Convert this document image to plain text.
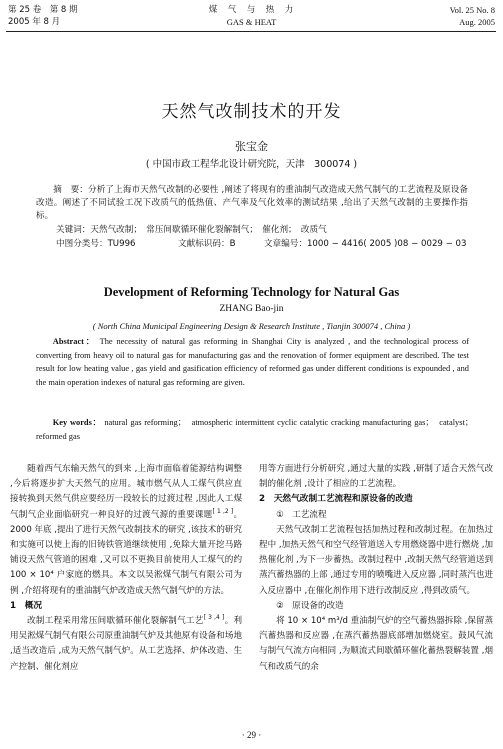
第 25 卷　第 8 期
2005 年 8 月
煤　气　与　热　力
GAS & HEAT
Vol. 25 No. 8
Aug. 2005
天然气改制技术的开发
张宝金
( 中国市政工程华北设计研究院，天津　300074 )
摘　要：分析了上海市天然气改制的必要性 ,阐述了将现有的重油制气改造成天然气制气的工艺流程及原设备改造。阐述了不同试验工况下改质气的低热值、产气率及气化效率的测试结果 ,给出了天然气改制的主要操作指标。
关键词：天然气改制；　常压间歇循环催化裂解制气；　催化剂；　改质气
中图分类号：TU996	文献标识码：B	文章编号：1000 − 4416( 2005 )08 − 0029 − 03
Development of Reforming Technology for Natural Gas
ZHANG Bao-jin
( North China Municipal Engineering Design & Research Institute , Tianjin 300074 , China )
Abstract： The necessity of natural gas reforming in Shanghai City is analyzed , and the technological process of converting from heavy oil to natural gas for manufacturing gas and the renovation of former equipment are described. The test result for low heating value , gas yield and gasification efficiency of reformed gas under different conditions is expounded , and the main operation indexes of natural gas reforming are given.
Key words： natural gas reforming；　atmospheric intermittent cyclic catalytic cracking manufacturing gas；　catalyst；　reformed gas

随着西气东输天然气的到来 ,上海市面临着能源结构调整 ,今后将逐步扩大天然气的应用。城市燃气从人工煤气供应直接转换到天然气供应要经历一段较长的过渡过程 ,因此人工煤气制气企业面临研究一种良好的过渡气源的重要课题[ 1 ,2 ]。2000 年底 ,提出了进行天然气改制技术的研究 ,该技术的研究和实施可以使上海的旧铸铁管道继续使用 ,免除大量开挖马路铺设天然气管道的困难 ,又可以不更换目前使用人工煤气的约 100 × 10⁴ 户家庭的燃具。本文以吴淞煤气制气有限公司为例 ,介绍将现有的重油制气炉改造成天然气制气炉的方法。

1　概况

改制工程采用常压间歇循环催化裂解制气工艺[ 3 ,4 ]。利用吴淞煤气制气有限公司原重油制气炉及其他原有设备和场地 ,适当改造后 ,成为天然气制气炉。从工艺选择、炉体改造、生产控制、催化剂应

用等方面进行分析研究 ,通过大量的实践 ,研制了适合天然气改制的催化剂 ,设计了相应的工艺流程。

2　天然气改制工艺流程和原设备的改造

①　工艺流程

天然气改制工艺流程包括加热过程和改制过程。在加热过程中 ,加热天然气和空气经管道送入专用燃烧器中进行燃烧 ,加热催化剂 ,为下一步蓄热。改制过程中 ,改制天然气经管道送到蒸汽蓄热器的上部 ,通过专用的喷嘴进入反应器 ,同时蒸汽也进入反应器中 ,在催化剂作用下进行改制反应 ,得到改质气。

②　原设备的改造

将 10 × 10⁴ m³/d 重油制气炉的空气蓄热器拆除 ,保留蒸汽蓄热器和反应器 ,在蒸汽蓄热器底部增加燃烧室。鼓风气流与制气气流方向相同 ,为顺流式间歇循环催化蓄热裂解装置 ,烟气和改质气的余

· 29 ·
